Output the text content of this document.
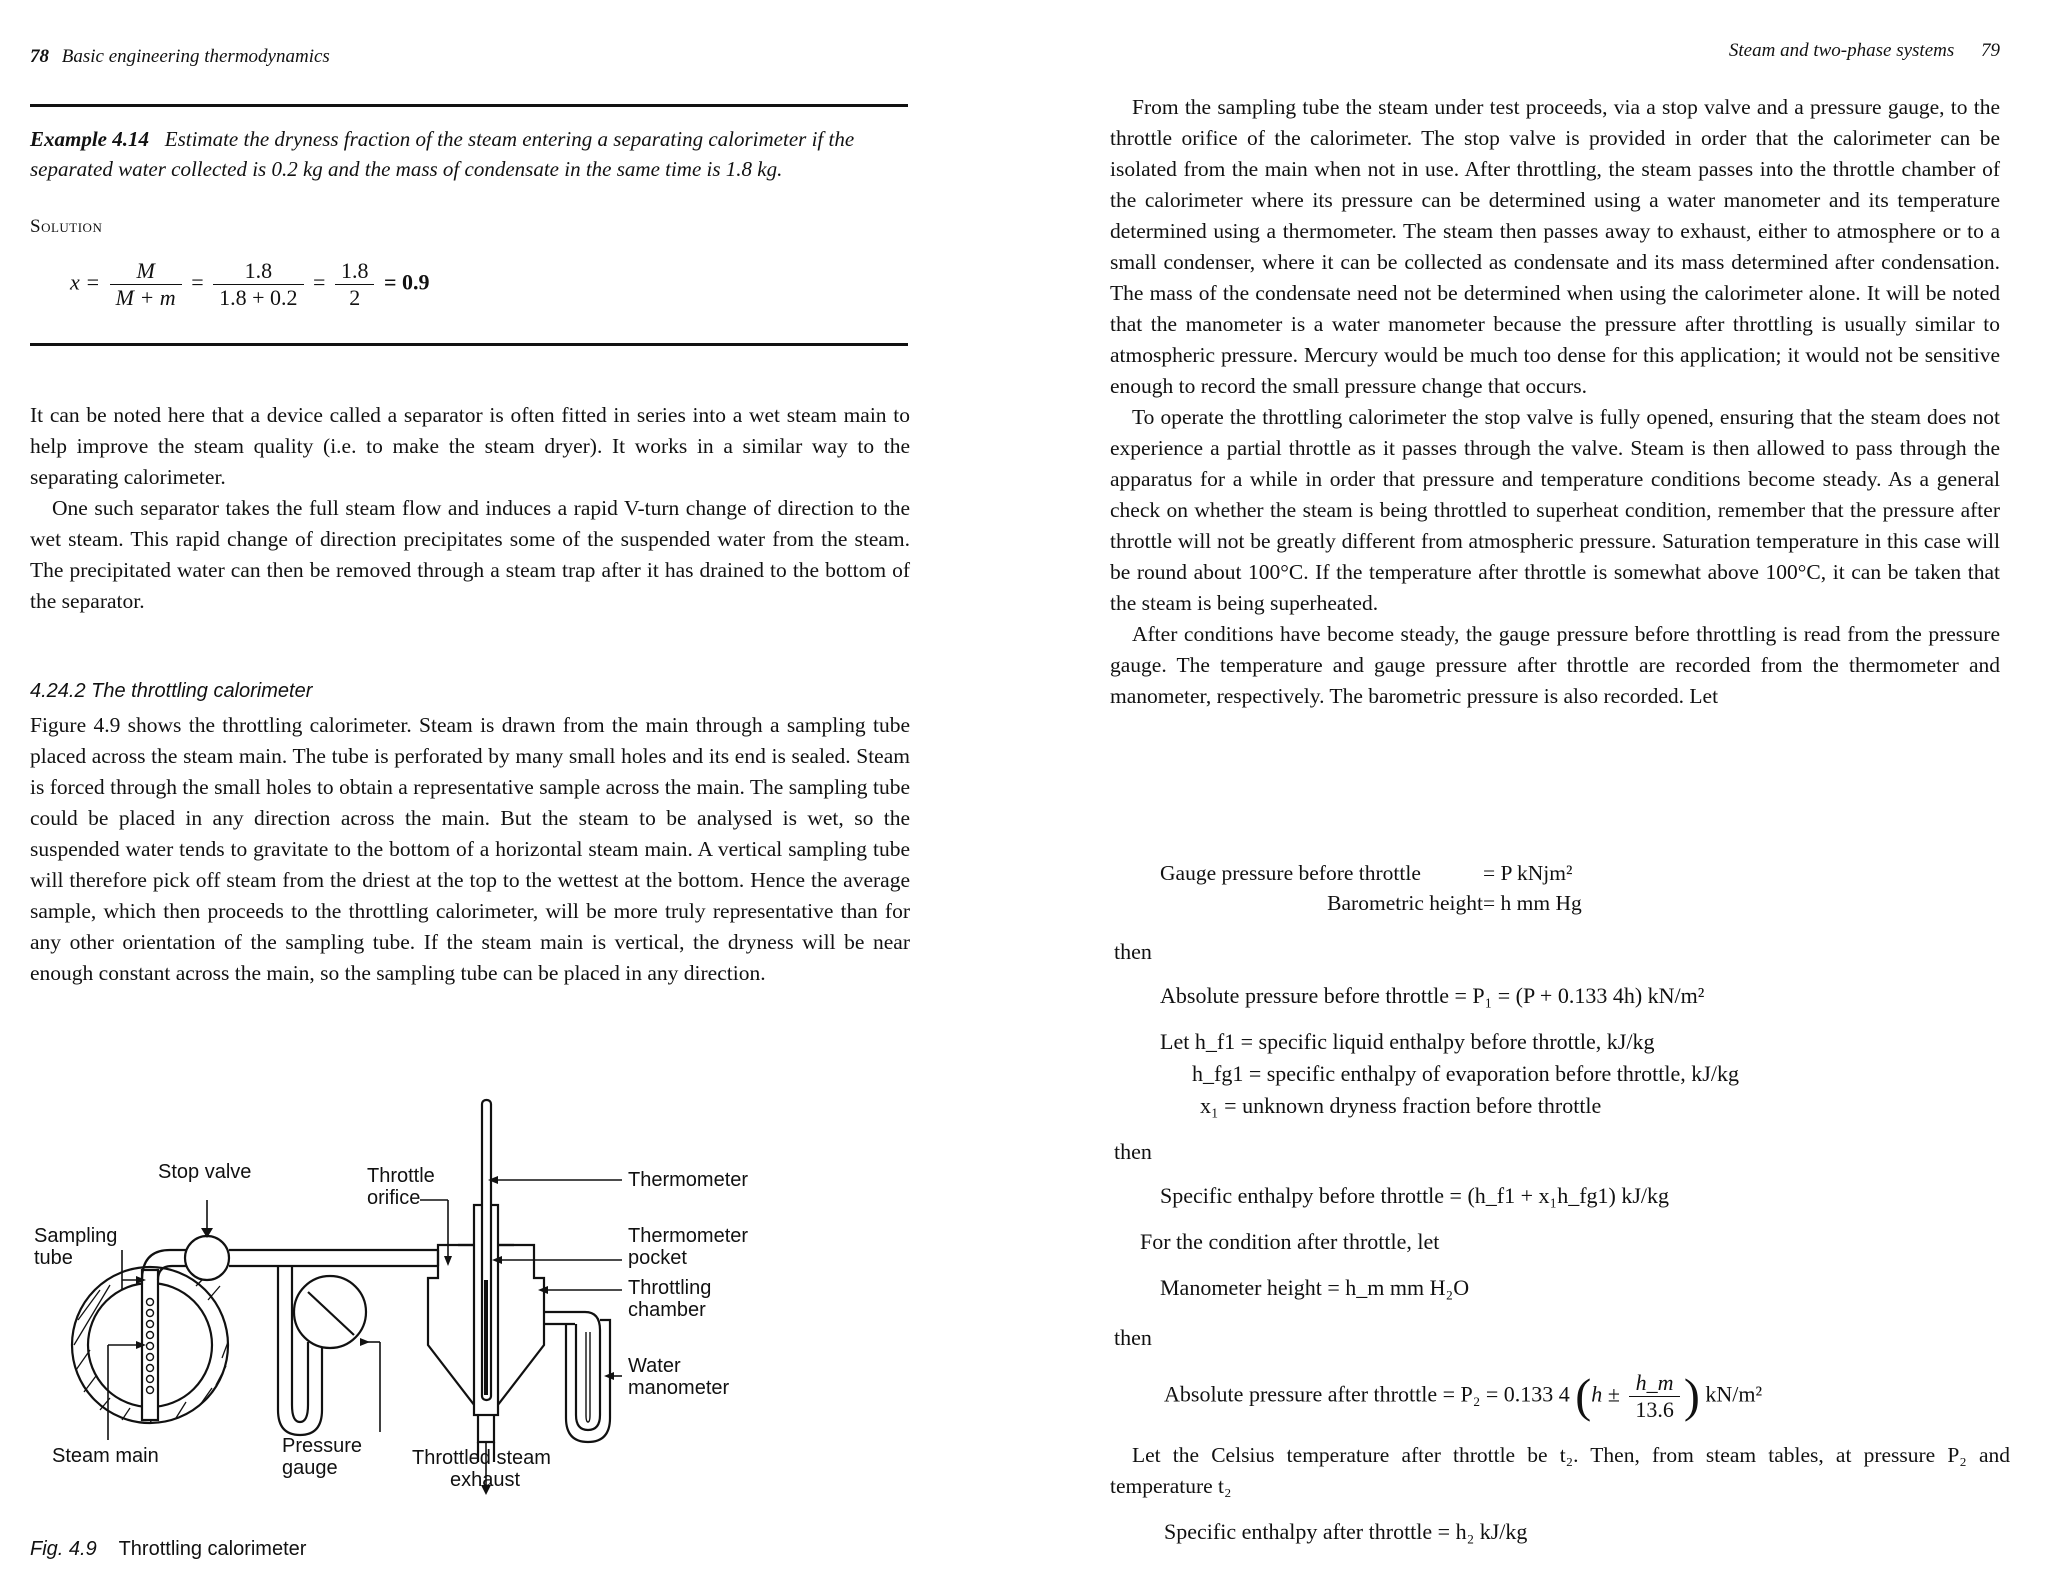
78 Basic engineering thermodynamics
Example 4.14 Estimate the dryness fraction of the steam entering a separating calorimeter if the separated water collected is 0.2 kg and the mass of condensate in the same time is 1.8 kg.
Solution
$x = \frac{M}{M + m} = \frac{1.8}{1.8 + 0.2} = \frac{1.8}{2} = 0.9$

It can be noted here that a device called a separator is often fitted in series into a wet steam main to help improve the steam quality (i.e. to make the steam dryer). It works in a similar way to the separating calorimeter.

One such separator takes the full steam flow and induces a rapid V-turn change of direction to the wet steam. This rapid change of direction precipitates some of the suspended water from the steam. The precipitated water can then be removed through a steam trap after it has drained to the bottom of the separator.

4.24.2 The throttling calorimeter
Figure 4.9 shows the throttling calorimeter. Steam is drawn from the main through a sampling tube placed across the steam main. The tube is perforated by many small holes and its end is sealed. Steam is forced through the small holes to obtain a representative sample across the main. The sampling tube could be placed in any direction across the main. But the steam to be analysed is wet, so the suspended water tends to gravitate to the bottom of a horizontal steam main. A vertical sampling tube will therefore pick off steam from the driest at the top to the wettest at the bottom. Hence the average sample, which then proceeds to the throttling calorimeter, will be more truly representative than for any other orientation of the sampling tube. If the steam main is vertical, the dryness will be near enough constant across the main, so the sampling tube can be placed in any direction.
Stop valve	Throttle
orifice
Thermometer
Sampling
tube
Thermometer
pocket
Throttling
chamber
Water
manometer
Pressure
gauge
Steam main	Throttled steam
exhaust
Fig. 4.9 Throttling calorimeter
Steam and two-phase systems 79

From the sampling tube the steam under test proceeds, via a stop valve and a pressure gauge, to the throttle orifice of the calorimeter. The stop valve is provided in order that the calorimeter can be isolated from the main when not in use. After throttling, the steam passes into the throttle chamber of the calorimeter where its pressure can be determined using a water manometer and its temperature determined using a thermometer. The steam then passes away to exhaust, either to atmosphere or to a small condenser, where it can be collected as condensate and its mass determined after condensation. The mass of the condensate need not be determined when using the calorimeter alone. It will be noted that the manometer is a water manometer because the pressure after throttling is usually similar to atmospheric pressure. Mercury would be much too dense for this application; it would not be sensitive enough to record the small pressure change that occurs.

To operate the throttling calorimeter the stop valve is fully opened, ensuring that the steam does not experience a partial throttle as it passes through the valve. Steam is then allowed to pass through the apparatus for a while in order that pressure and temperature conditions become steady. As a general check on whether the steam is being throttled to superheat condition, remember that the pressure after throttle will not be greatly different from atmospheric pressure. Saturation temperature in this case will be round about 100°C. If the temperature after throttle is somewhat above 100°C, it can be taken that the steam is being superheated.

After conditions have become steady, the gauge pressure before throttling is read from the pressure gauge. The temperature and gauge pressure after throttle are recorded from the thermometer and manometer, respectively. The barometric pressure is also recorded. Let

Gauge pressure before throttle	= P kNjm²
Barometric height= h mm Hg
then
Absolute pressure before throttle = P₁ = (P + 0.133 4h) kN/m²
Let h_f1 = specific liquid enthalpy before throttle, kJ/kg
h_fg1 = specific enthalpy of evaporation before throttle, kJ/kg
x₁ = unknown dryness fraction before throttle
then
Specific enthalpy before throttle = (h_f1 + x₁h_fg1) kJ/kg
For the condition after throttle, let
Manometer height = h_m mm H₂O
then
Absolute pressure after throttle = P₂ = 0.133 4 ($h \pm \frac{h\_m}{13.6}$ ) kN/m²

Let the Celsius temperature after throttle be t₂. Then, from steam tables, at pressure P₂ and temperature t₂

Specific enthalpy after throttle = h₂ kJ/kg
